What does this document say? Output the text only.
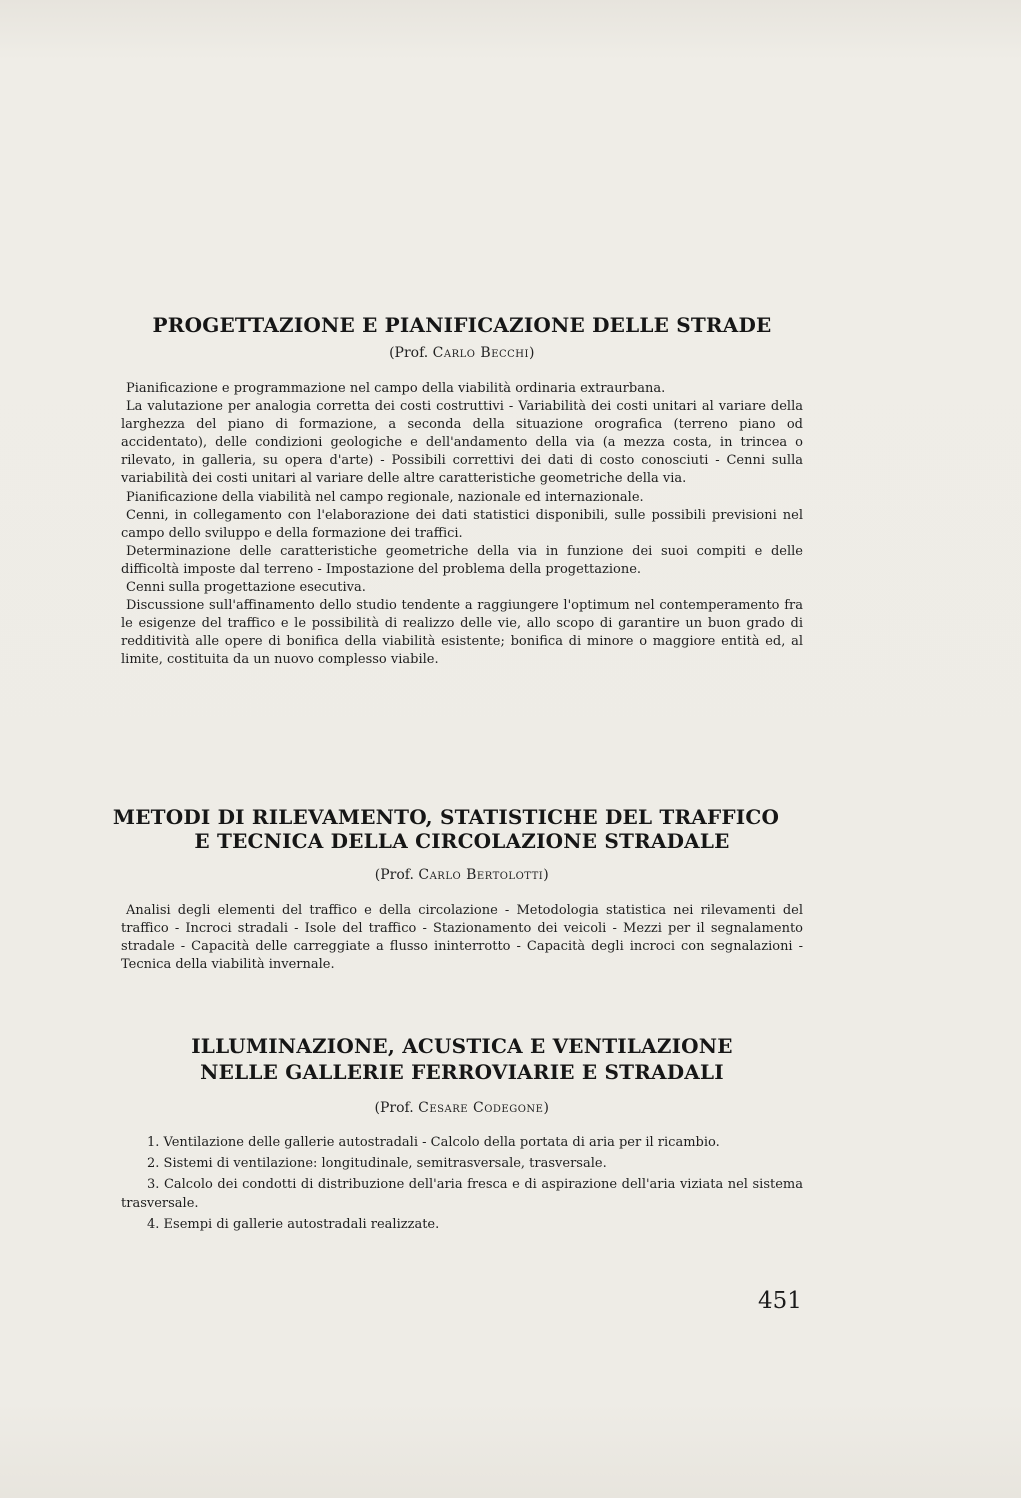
PROGETTAZIONE E PIANIFICAZIONE DELLE STRADE
(Prof. Carlo Becchi)

Pianificazione e programmazione nel campo della viabilità ordinaria extraurbana.

La valutazione per analogia corretta dei costi costruttivi - Variabilità dei costi unitari al variare della larghezza del piano di formazione, a seconda della situazione orografica (terreno piano od accidentato), delle condizioni geologiche e dell'andamento della via (a mezza costa, in trincea o rilevato, in galleria, su opera d'arte) - Possibili correttivi dei dati di costo conosciuti - Cenni sulla variabilità dei costi unitari al variare delle altre caratteristiche geometriche della via.

Pianificazione della viabilità nel campo regionale, nazionale ed internazionale.

Cenni, in collegamento con l'elaborazione dei dati statistici disponibili, sulle possibili previsioni nel campo dello sviluppo e della formazione dei traffici.

Determinazione delle caratteristiche geometriche della via in funzione dei suoi compiti e delle difficoltà imposte dal terreno - Impostazione del problema della progettazione.

Cenni sulla progettazione esecutiva.

Discussione sull'affinamento dello studio tendente a raggiungere l'optimum nel contemperamento fra le esigenze del traffico e le possibilità di realizzo delle vie, allo scopo di garantire un buon grado di redditività alle opere di bonifica della viabilità esistente; bonifica di minore o maggiore entità ed, al limite, costituita da un nuovo complesso viabile.

METODI DI RILEVAMENTO, STATISTICHE DEL TRAFFICO
E TECNICA DELLA CIRCOLAZIONE STRADALE
(Prof. Carlo Bertolotti)

Analisi degli elementi del traffico e della circolazione - Metodologia statistica nei rilevamenti del traffico - Incroci stradali - Isole del traffico - Stazionamento dei veicoli - Mezzi per il segnalamento stradale - Capacità delle carreggiate a flusso ininterrotto - Capacità degli incroci con segnalazioni - Tecnica della viabilità invernale.

ILLUMINAZIONE, ACUSTICA E VENTILAZIONE
NELLE GALLERIE FERROVIARIE E STRADALI
(Prof. Cesare Codegone)

1. Ventilazione delle gallerie autostradali - Calcolo della portata di aria per il ricambio.

2. Sistemi di ventilazione: longitudinale, semitrasversale, trasversale.

3. Calcolo dei condotti di distribuzione dell'aria fresca e di aspirazione dell'aria viziata nel sistema trasversale.

4. Esempi di gallerie autostradali realizzate.

451
